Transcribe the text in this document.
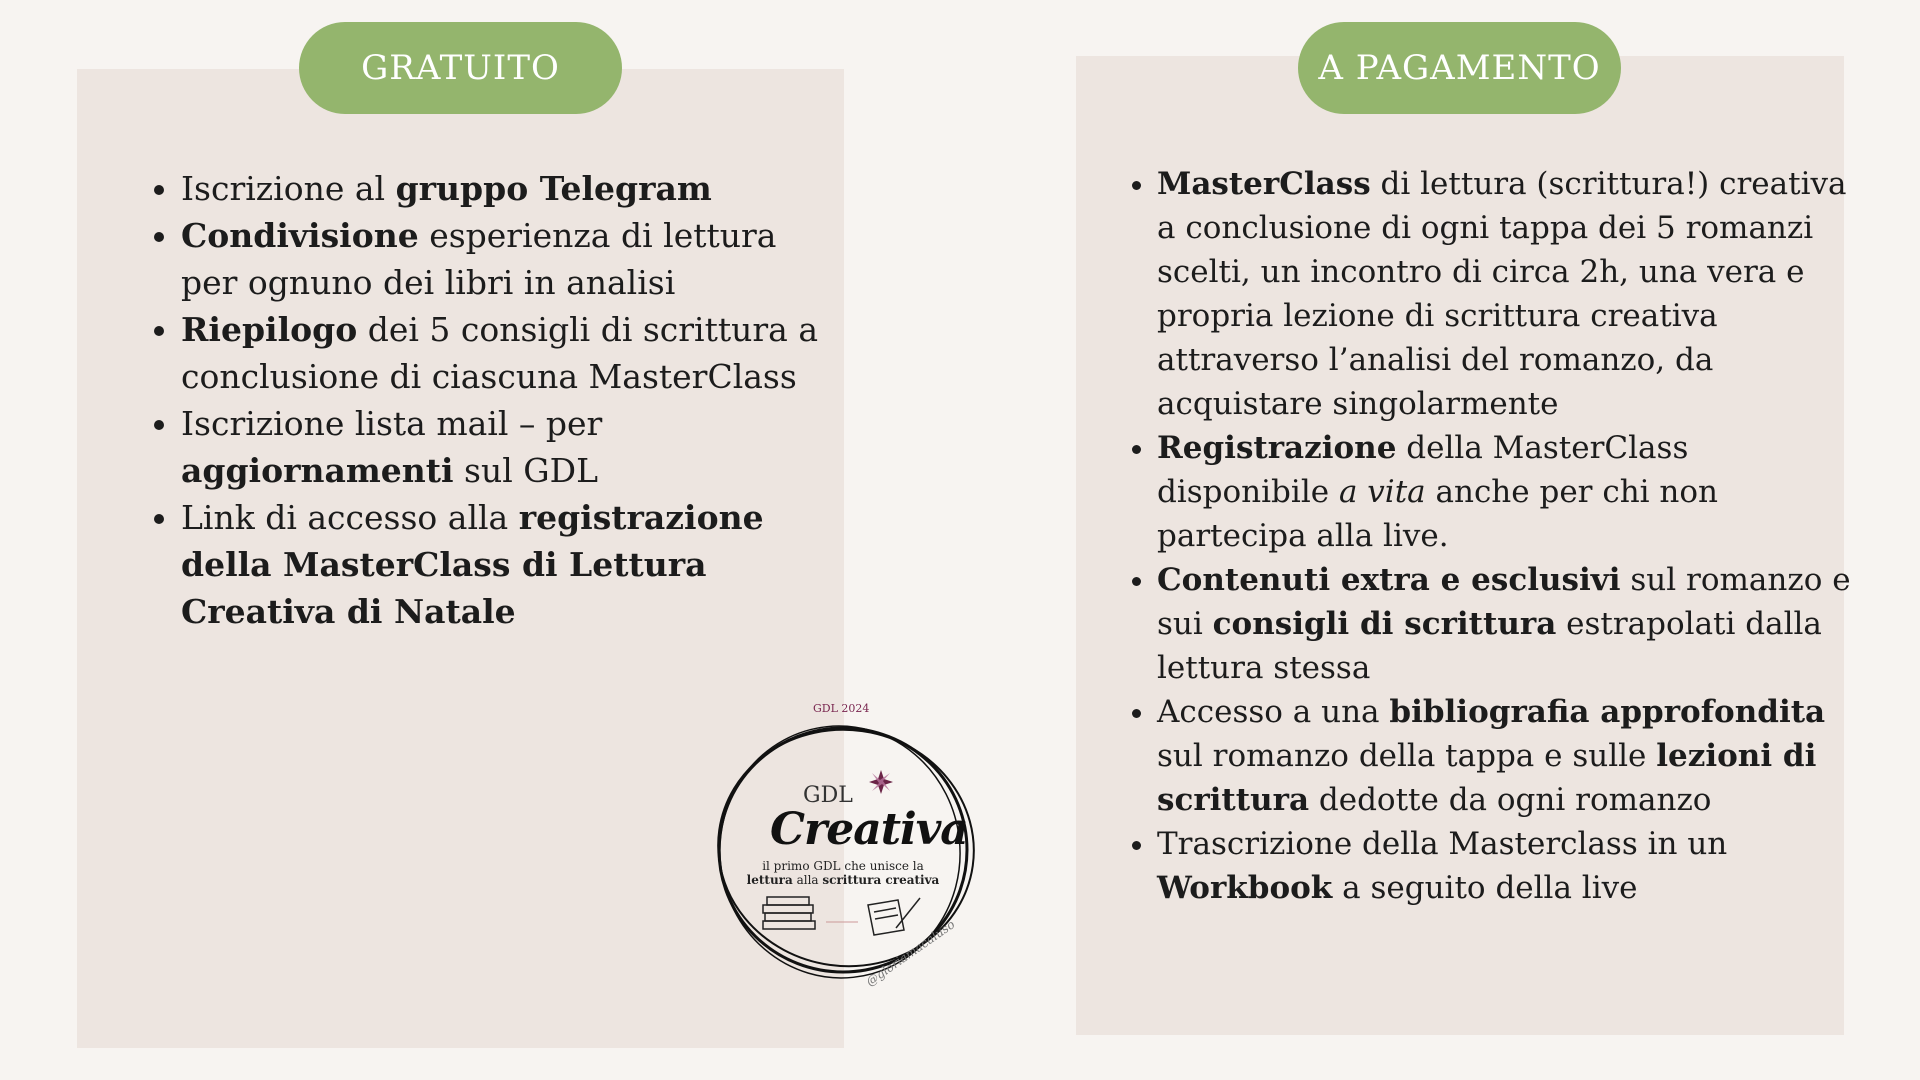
GRATUITO	A PAGAMENTO
• Iscrizione al gruppo Telegram
• Condivisione esperienza di lettura per ognuno dei libri in analisi
• Riepilogo dei 5 consigli di scrittura a conclusione di ciascuna MasterClass
• Iscrizione lista mail – per aggiornamenti sul GDL
• Link di accesso alla registrazione della MasterClass di Lettura Creativa di Natale
• MasterClass di lettura (scrittura!) creativa a conclusione di ogni tappa dei 5 romanzi scelti, un incontro di circa 2h, una vera e propria lezione di scrittura creativa attraverso l’analisi del romanzo, da acquistare singolarmente
• Registrazione della MasterClass disponibile a vita anche per chi non partecipa alla live.
• Contenuti extra e esclusivi sul romanzo e sui consigli di scrittura estrapolati dalla lettura stessa
• Accesso a una bibliografia approfondita sul romanzo della tappa e sulle lezioni di scrittura dedotte da ogni romanzo
• Trascrizione della Masterclass in un Workbook a seguito della live
GDL 2024
GDL
Creativa
il primo GDL che unisce la
lettura alla scrittura creativa
@gloriamacaluso
